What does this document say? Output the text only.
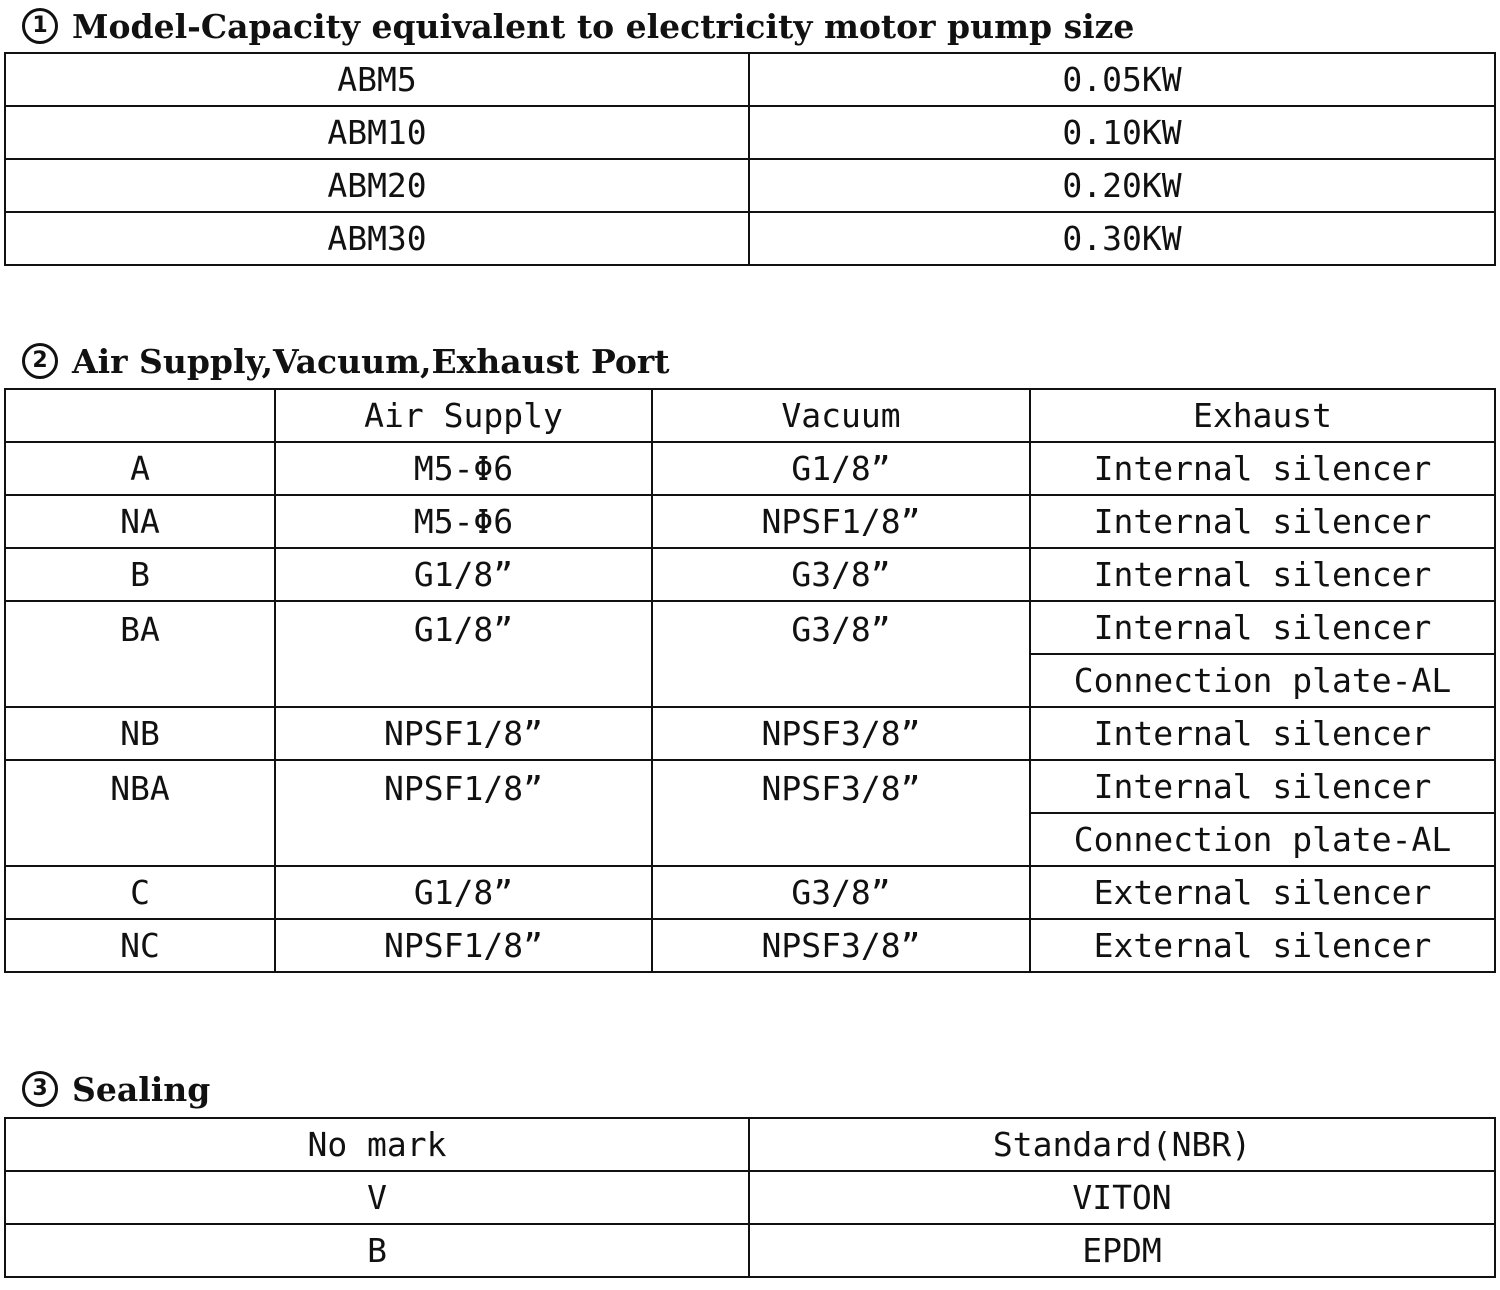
1 Model-Capacity equivalent to electricity motor pump size
ABM5	0.05KW
ABM10	0.10KW
ABM20	0.20KW
ABM30	0.30KW
2 Air Supply,Vacuum,Exhaust Port
	Air Supply	Vacuum	Exhaust
A	M5-Φ6	G1/8”	Internal silencer
NA	M5-Φ6	NPSF1/8”	Internal silencer
B	G1/8”	G3/8”	Internal silencer
BA	G1/8”	G3/8”	Internal silencer
			Connection plate-AL
NB	NPSF1/8”	NPSF3/8”	Internal silencer
NBA	NPSF1/8”	NPSF3/8”	Internal silencer
			Connection plate-AL
C	G1/8”	G3/8”	External silencer
NC	NPSF1/8”	NPSF3/8”	External silencer
3 Sealing
No mark	Standard(NBR)
V	VITON
B	EPDM
